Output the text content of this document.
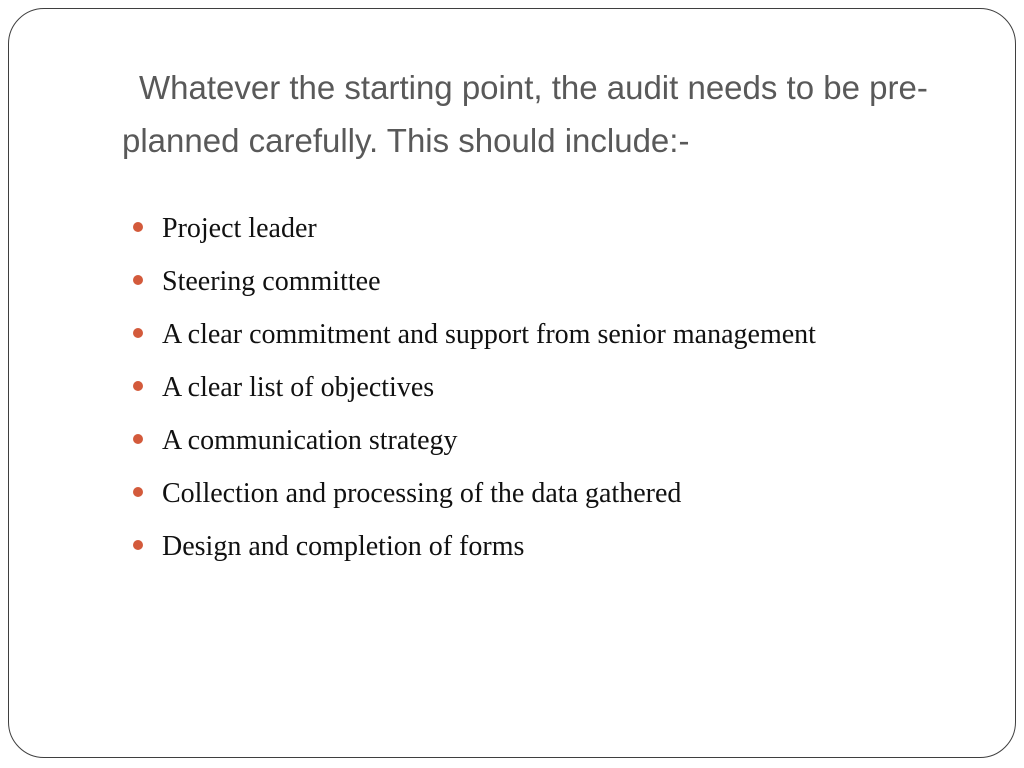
Whatever the starting point, the audit needs to be pre-planned carefully. This should include:-
Project leader
Steering committee
A clear commitment and support from senior management
A clear list of objectives
A communication strategy
Collection and processing of the data gathered
Design and completion of forms
